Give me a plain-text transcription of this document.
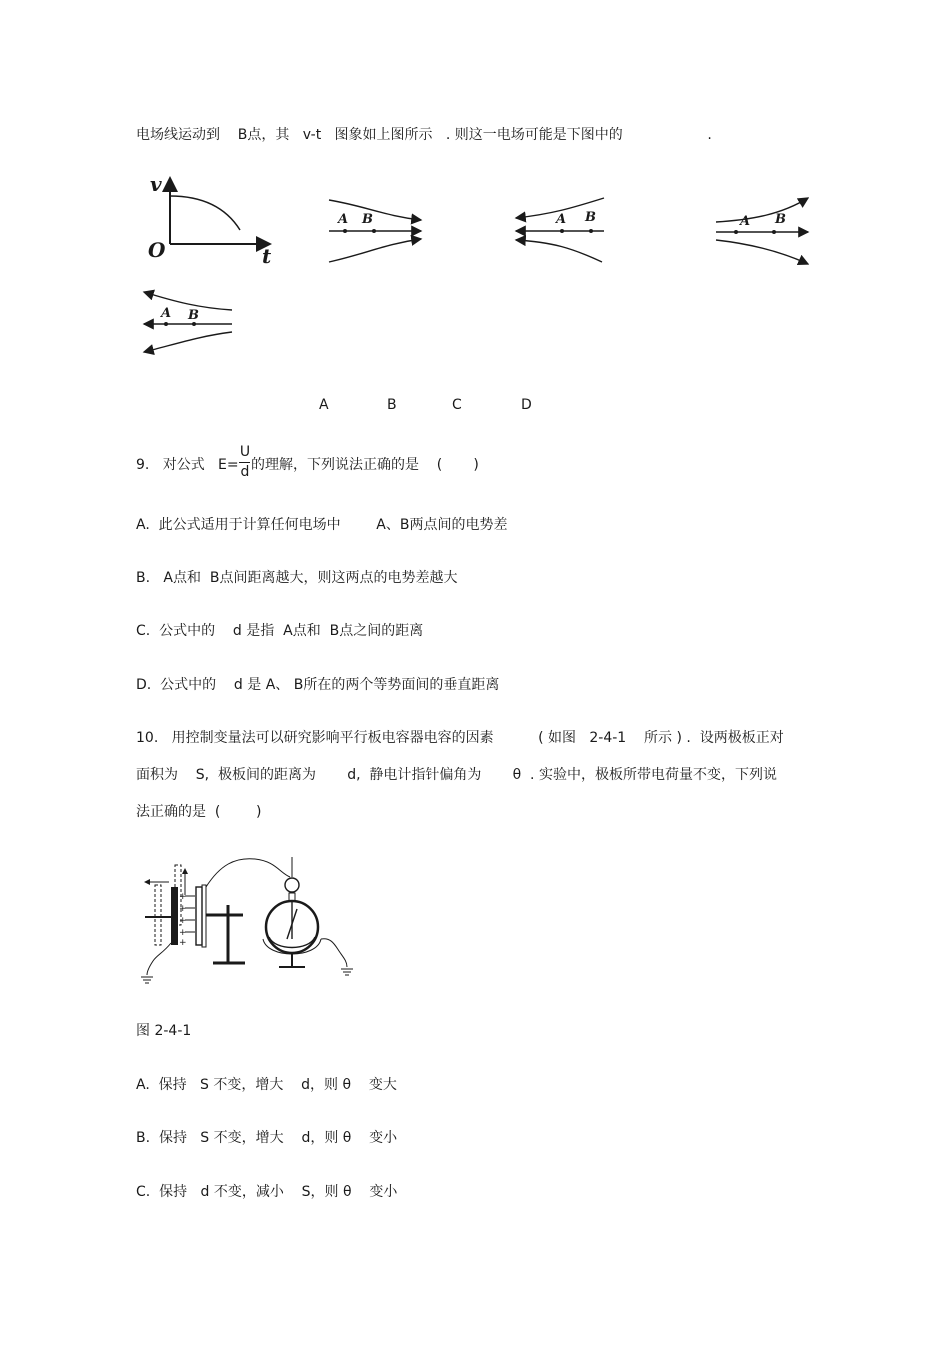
电场线运动到    B点，其   v-t   图象如上图所示   . 则这一电场可能是下图中的                   .
v
O	t
A B	A B	A B
A B
A	B	C	D
9.   对公式   E=
U
d 的理解，下列说法正确的是    (       )
A.  此公式适用于计算任何电场中        A、B两点间的电势差
B.   A点和  B点间距离越大，则这两点的电势差越大
C.  公式中的    d 是指  A点和  B点之间的距离
D.  公式中的    d 是 A、 B所在的两个等势面间的垂直距离
10.   用控制变量法可以研究影响平行板电容器电容的因素          ( 如图   2-4-1    所示 ) .  设两极板正对
面积为    S,  极板间的距离为       d,  静电计指针偏角为       θ  . 实验中，极板所带电荷量不变，下列说
法正确的是  (        )
+
+
+
+
+
图 2-4-1
A.  保持   S 不变，增大    d，则 θ    变大
B.  保持   S 不变，增大    d，则 θ    变小
C.  保持   d 不变，减小    S，则 θ    变小
